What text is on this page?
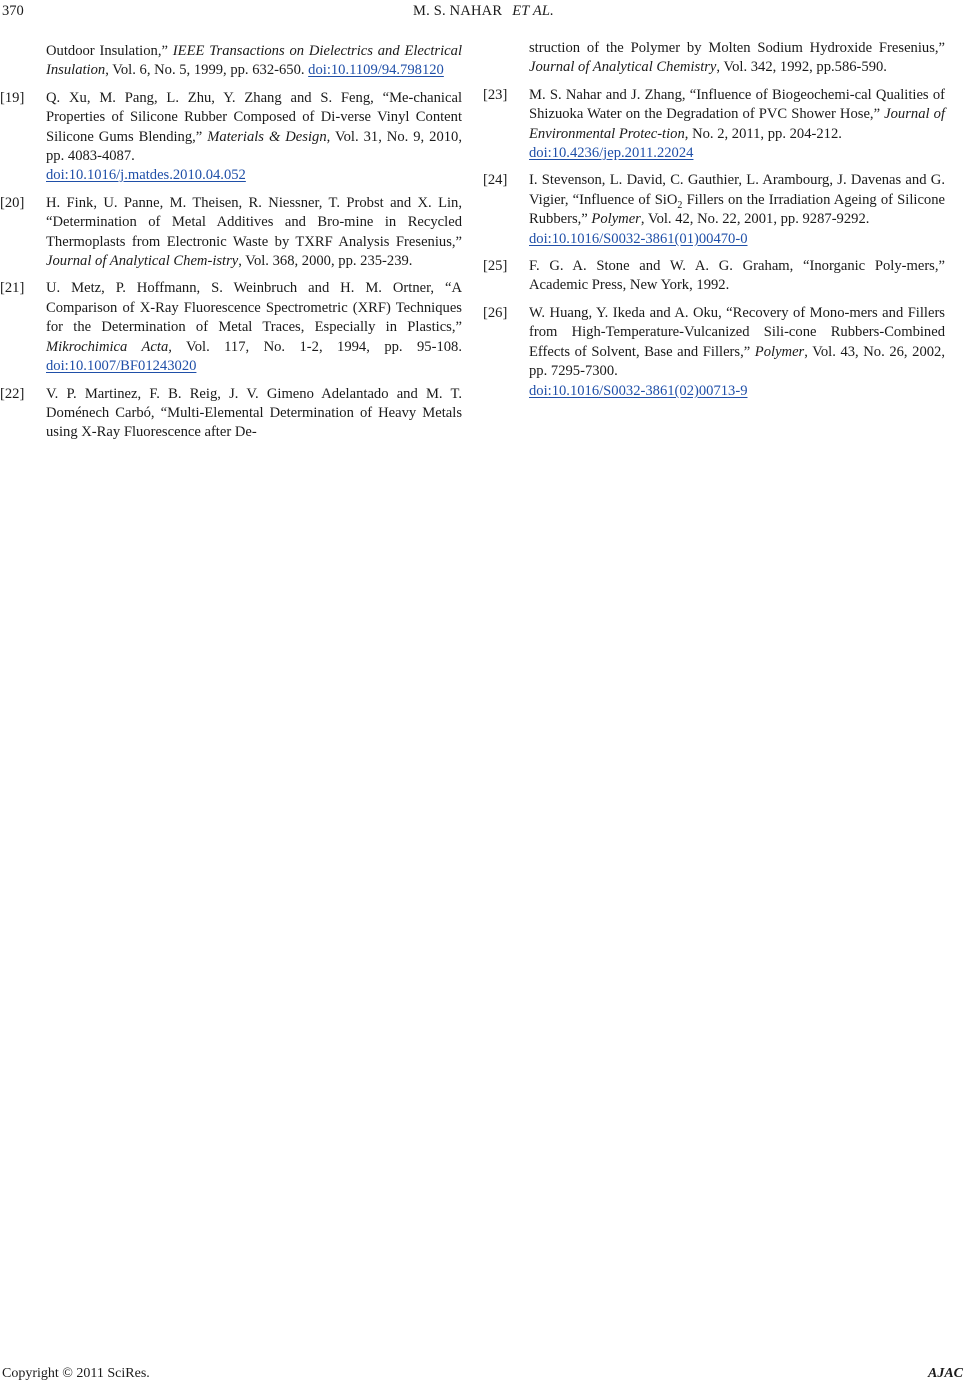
370	M. S. NAHAR ET AL.
Outdoor Insulation,” IEEE Transactions on Dielectrics and Electrical Insulation, Vol. 6, No. 5, 1999, pp. 632-650. doi:10.1109/94.798120
[19] Q. Xu, M. Pang, L. Zhu, Y. Zhang and S. Feng, “Me-chanical Properties of Silicone Rubber Composed of Di-verse Vinyl Content Silicone Gums Blending,” Materials & Design, Vol. 31, No. 9, 2010, pp. 4083-4087.
doi:10.1016/j.matdes.2010.04.052
[20] H. Fink, U. Panne, M. Theisen, R. Niessner, T. Probst and X. Lin, “Determination of Metal Additives and Bro-mine in Recycled Thermoplasts from Electronic Waste by TXRF Analysis Fresenius,” Journal of Analytical Chem-istry, Vol. 368, 2000, pp. 235-239.
[21] U. Metz, P. Hoffmann, S. Weinbruch and H. M. Ortner, “A Comparison of X-Ray Fluorescence Spectrometric (XRF) Techniques for the Determination of Metal Traces, Especially in Plastics,” Mikrochimica Acta, Vol. 117, No. 1-2, 1994, pp. 95-108. doi:10.1007/BF01243020
[22] V. P. Martinez, F. B. Reig, J. V. Gimeno Adelantado and M. T. Doménech Carbó, “Multi-Elemental Determination of Heavy Metals using X-Ray Fluorescence after De-
struction of the Polymer by Molten Sodium Hydroxide Fresenius,” Journal of Analytical Chemistry, Vol. 342, 1992, pp.586-590.
[23] M. S. Nahar and J. Zhang, “Influence of Biogeochemi-cal Qualities of Shizuoka Water on the Degradation of PVC Shower Hose,” Journal of Environmental Protec-tion, No. 2, 2011, pp. 204-212.
doi:10.4236/jep.2011.22024
[24] I. Stevenson, L. David, C. Gauthier, L. Arambourg, J. Davenas and G. Vigier, “Influence of SiO$_2$ Fillers on the Irradiation Ageing of Silicone Rubbers,” Polymer, Vol. 42, No. 22, 2001, pp. 9287-9292.
doi:10.1016/S0032-3861(01)00470-0
[25] F. G. A. Stone and W. A. G. Graham, “Inorganic Poly-mers,” Academic Press, New York, 1992.
[26] W. Huang, Y. Ikeda and A. Oku, “Recovery of Mono-mers and Fillers from High-Temperature-Vulcanized Sili-cone Rubbers-Combined Effects of Solvent, Base and Fillers,” Polymer, Vol. 43, No. 26, 2002, pp. 7295-7300.
doi:10.1016/S0032-3861(02)00713-9
Copyright © 2011 SciRes.	AJAC
